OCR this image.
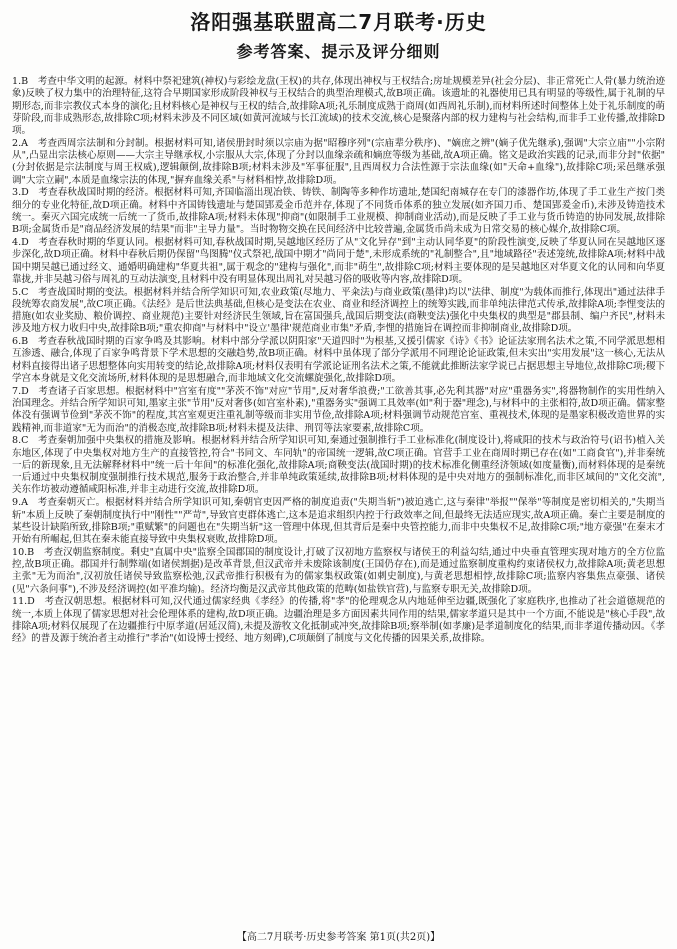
洛阳强基联盟高二7月联考·历史
参考答案、提示及评分细则

1.B  考查中华文明的起源。材料中祭祀建筑(神权)与彩绘龙盘(王权)的共存,体现出神权与王权结合;房址规模差异(社会分层)、非正常死亡人骨(暴力统治迹象)反映了权力集中的治理特征,这符合早期国家形成阶段神权与王权结合的典型治理模式,故B项正确。该遗址的礼器使用已具有明显的等级性,属于礼制的早期形态,而非宗教仪式本身的演化;且材料核心是神权与王权的结合,故排除A项;礼乐制度成熟于商周(如西周礼乐制),而材料所述时间整体上处于礼乐制度的萌芽阶段,而非成熟形态,故排除C项;材料未涉及不同区域(如黄河流域与长江流域)的技术交流,核心是聚落内部的权力建构与社会结构,而非手工业传播,故排除D项。

2.A  考查西周宗法制和分封制。根据材料可知,诸侯册封时须以宗庙为据"昭穆序列"(宗庙辈分秩序)、"嫡庶之辨"(嫡子优先继承),强调"大宗立庙""小宗附从",凸显出宗法核心原则——大宗主导继承权,小宗服从大宗,体现了分封以血缘亲疏和嫡庶等级为基础,故A项正确。铭文是政治实践的记录,而非分封"依据"(分封依据是宗法制度与周王权威),逻辑颠倒,故排除B项;材料未涉及"军事征服",且西周权力合法性源于宗法血缘(如"天命+血缘"),故排除C项;采邑继承强调"大宗立嗣",本质是血缘宗法的体现,"摒弃血缘关系"与材料相悖,故排除D项。

3.D  考查春秋战国时期的经济。根据材料可知,齐国临淄出现冶铁、铸铁、制陶等多种作坊遗址,楚国纪南城存在专门的漆器作坊,体现了手工业生产按门类细分的专业化特征,故D项正确。材料中齐国铸钱遗址与楚国郢爰金币范并存,体现了不同货币体系的独立发展(如齐国刀币、楚国郢爰金币),未涉及铸造技术统一。秦灭六国完成统一后统一了货币,故排除A项;材料未体现"抑商"(如限制手工业规模、抑制商业活动),而是反映了手工业与货币铸造的协同发展,故排除B项;金属货币是"商品经济发展的结果"而非"主导力量"。当时物物交换在民间经济中比较普遍,金属货币尚未成为日常交易的核心媒介,故排除C项。

4.D  考查春秋时期的华夏认同。根据材料可知,春秋战国时期,吴越地区经历了从"文化异存"到"主动认同华夏"的阶段性演变,反映了华夏认同在吴越地区逐步深化,故D项正确。材料中春秋后期仍保留"鸟图腾"仪式祭祀,战国中期才"尚同于楚",未形成系统的"礼制整合",且"地域路径"表述笼统,故排除A项;材料中战国中期吴越已通过经文、通婚明确建构"华夏共祖",属于观念的"建构与强化",而非"萌生",故排除C项;材料主要体现的是吴越地区对华夏文化的认同和向华夏靠拢,并非吴越习俗与周礼的互动法演变,且材料中没有明显体现出周礼对吴越习俗的吸收等内容,故排除D项。

5.C  考查战国时期的变法。根据材料并结合所学知识可知,农业政策(尽地力、平籴法)与商业政策(墨律)均以"法律、制度"为载体而推行,体现出"通过法律手段统筹农商发展",故C项正确。《法经》是后世法典基础,但核心是变法在农业、商业和经济调控上的统筹实践,而非单纯法律范式传承,故排除A项;李悝变法的措施(如农业奖励、粮价调控、商业规范)主要针对经济民生领域,旨在富国强兵,战国后期变法(商鞅变法)强化中央集权的典型是"郡县制、编户齐民",材料未涉及地方权力收归中央,故排除B项;"重农抑商"与材料中"设立'墨律'规范商业市集"矛盾,李悝的措施旨在调控而非抑制商业,故排除D项。

6.B  考查春秋战国时期的百家争鸣及其影响。材料中部分学派以阴阳家"天道四时"为根基,又援引儒家《诗》《书》论证法家刑名法术之策,不同学派思想相互渗透、融合,体现了百家争鸣背景下学术思想的交融趋势,故B项正确。材料中虽体现了部分学派用不同理论论证政策,但未实出"实用发展"这一核心,无法从材料直接得出诸子思想整体向实用转变的结论,故排除A项;材料仅表明有学派论证刑名法术之策,不能就此推断法家学说已占据思想主导地位,故排除C项;稷下学宫本身就是文化交流场所,材料体现的是思想融合,而非地域文化交流螺旋强化,故排除D项。

7.D  考查诸子百家思想。根据材料中"宫室有度""茅茨不饰"对应"节用",反对奢华浪费;"工欲善其事,必先利其器"对应"重器务实",将器物制作的实用性纳入治国理念。并结合所学知识可知,墨家主张"节用"反对奢侈(如宫室朴素),"重器务实"强调工具效率(如"利于器"理念),与材料中的主张相符,故D项正确。儒家整体没有强调节俭到"茅茨不饰"的程度,其宫室观更注重礼制等级而非实用节俭,故排除A项;材料强调节动规范宫室、重视技术,体现的是墨家积极改造世界的实践精神,而非道家"无为而治"的消极态度,故排除B项;材料未提及法律、刑罚等法家要素,故排除C项。

8.C  考查秦朝加强中央集权的措施及影响。根据材料并结合所学知识可知,秦通过强制推行手工业标准化(制度设计),将咸阳的技术与政治符号(诏书)植入关东地区,体现了中央集权对地方生产的直接管控,符合"书同文、车同轨"的帝国统一逻辑,故C项正确。官营手工业在商周时期已存在(如"工商食官"),并非秦统一后的新现象,且无法解释材料中"统一后十年间"的标准化强化,故排除A项;商鞅变法(战国时期)的技术标准化侧重经济领域(如度量衡),而材料体现的是秦统一后通过中央集权制度强制推行技术规范,服务于政治整合,并非单纯政策延续,故排除B项;材料体现的是中央对地方的强制标准化,而非区域间的"文化交流",关东作坊被动遵循咸阳标准,并非主动进行交流,故排除D项。

9.A  考查秦朝灭亡。根据材料并结合所学知识可知,秦朝官吏因严格的制度追责("失期当斩")被迫逃亡,这与秦律"举报""保举"等制度是密切相关的,"失期当斩"本质上反映了秦朝制度执行中"刚性""严苛",导致官吏群体逃亡,这本是追求组织内控于行政效率之间,但最终无法适应现实,故A项正确。秦亡主要是制度的某些设计缺陷所致,排除B项;"重赋繁"的问题也在"失期当斩"这一管理中体现,但其背后是秦中央管控能力,而非中央集权不足,故排除C项;"地方豪强"在秦末才开始有所崛起,但其在秦未能直接导致中央集权衰败,故排除D项。

10.B  考查汉朝监察制度。剩史"直属中央"监察全国郡国的制度设计,打破了汉初地方监察权与诸侯王的利益勾结,通过中央垂直管理实现对地方的全方位监控,故B项正确。郡国并行制弊端(如诸侯割据)是改革背景,但汉武帝并未废除该制度(王国仍存在),而是通过监察制度重构约束诸侯权力,故排除A项;黄老思想主张"无为而治",汉初放任诸侯导致监察松弛,汉武帝推行积极有为的儒家集权政策(如刺史制度),与黄老思想相悖,故排除C项;监察内容集焦点豪强、诸侯(见"六条问事"),不涉及经济调控(如平准均输)。经济均衡是汉武帝其他政策的范畴(如盐铁官营),与监察专职无关,故排除D项。

11.D  考查汉朝思想。根据材料可知,汉代通过儒家经典《孝经》的传播,将"孝"的伦理观念从内地延伸至边疆,既强化了家庭秩序,也推动了社会道德规范的统一,本质上体现了儒家思想对社会伦理体系的建构,故D项正确。边疆治理是多方面因素共同作用的结果,儒家孝道只是其中一个方面,不能说是"核心手段",故排除A项;材料仅展现了在边疆推行中原孝道(居延汉简),未提及游牧文化抵制或冲突,故排除B项;察举制(如孝廉)是孝道制度化的结果,而非孝道传播动因。《孝经》的普及源于统治者主动推行"孝治"(如设博士授经、地方刻碑),C项颠倒了制度与文化传播的因果关系,故排除。

【高二7月联考·历史参考答案 第1页(共2页)】
